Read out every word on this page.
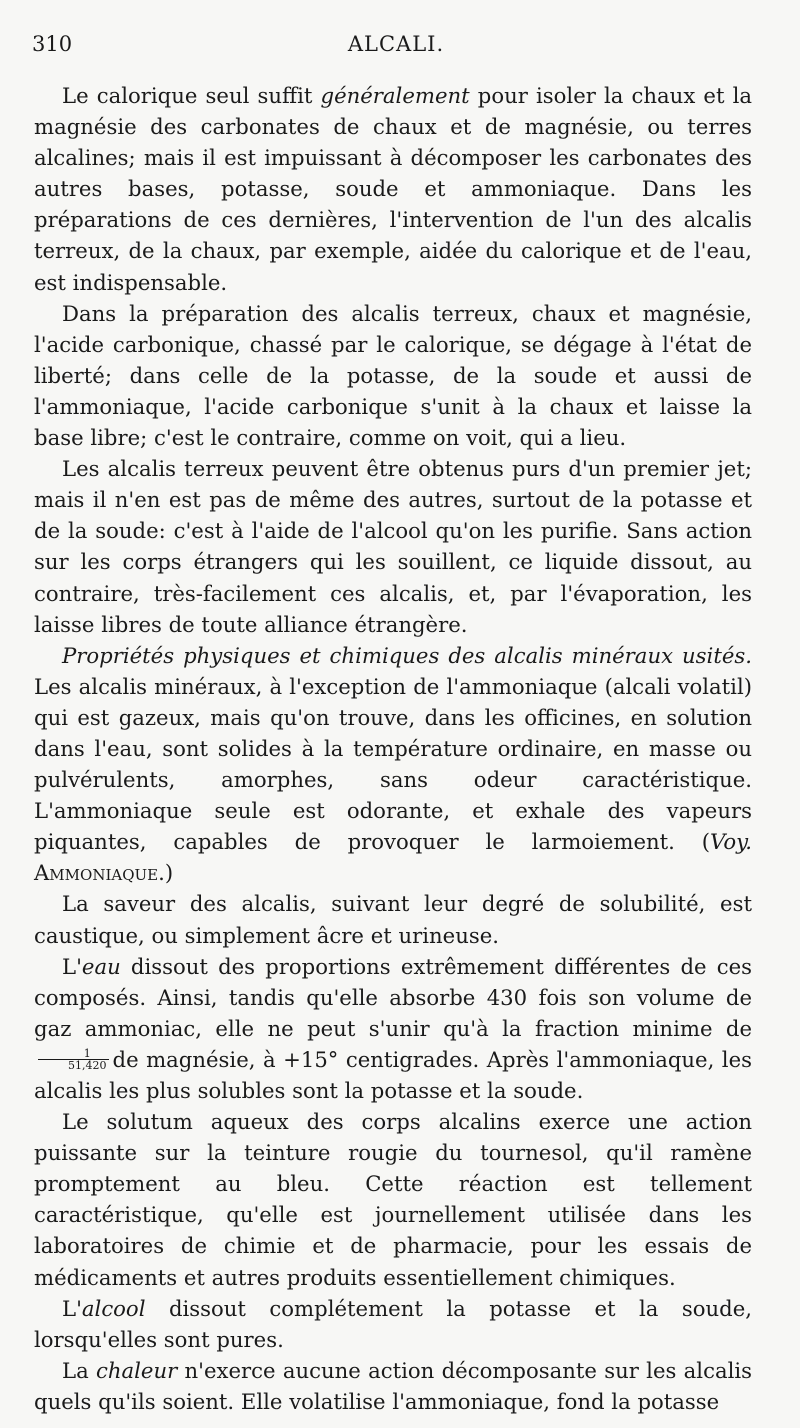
310	ALCALI.

Le calorique seul suffit généralement pour isoler la chaux et la magnésie des carbonates de chaux et de magnésie, ou terres alcalines; mais il est impuissant à décomposer les carbonates des autres bases, potasse, soude et ammoniaque. Dans les préparations de ces dernières, l'intervention de l'un des alcalis terreux, de la chaux, par exemple, aidée du calorique et de l'eau, est indispensable.

Dans la préparation des alcalis terreux, chaux et magnésie, l'acide carbonique, chassé par le calorique, se dégage à l'état de liberté; dans celle de la potasse, de la soude et aussi de l'ammoniaque, l'acide carbonique s'unit à la chaux et laisse la base libre; c'est le contraire, comme on voit, qui a lieu.

Les alcalis terreux peuvent être obtenus purs d'un premier jet; mais il n'en est pas de même des autres, surtout de la potasse et de la soude: c'est à l'aide de l'alcool qu'on les purifie. Sans action sur les corps étrangers qui les souillent, ce liquide dissout, au contraire, très-facilement ces alcalis, et, par l'évaporation, les laisse libres de toute alliance étrangère.

Propriétés physiques et chimiques des alcalis minéraux usités. Les alcalis minéraux, à l'exception de l'ammoniaque (alcali volatil) qui est gazeux, mais qu'on trouve, dans les officines, en solution dans l'eau, sont solides à la température ordinaire, en masse ou pulvérulents, amorphes, sans odeur caractéristique. L'ammoniaque seule est odorante, et exhale des vapeurs piquantes, capables de provoquer le larmoiement. (Voy. Ammoniaque.)

La saveur des alcalis, suivant leur degré de solubilité, est caustique, ou simplement âcre et urineuse.

L'eau dissout des proportions extrêmement différentes de ces composés. Ainsi, tandis qu'elle absorbe 430 fois son volume de gaz ammoniac, elle ne peut s'unir qu'à la fraction minime de
$\frac{1}{51,420}$ de magnésie, à +15° centigrades. Après l'ammoniaque, les alcalis les plus solubles sont la potasse et la soude.

Le solutum aqueux des corps alcalins exerce une action puissante sur la teinture rougie du tournesol, qu'il ramène promptement au bleu. Cette réaction est tellement caractéristique, qu'elle est journellement utilisée dans les laboratoires de chimie et de pharmacie, pour les essais de médicaments et autres produits essentiellement chimiques.

L'alcool dissout complétement la potasse et la soude, lorsqu'elles sont pures.

La chaleur n'exerce aucune action décomposante sur les alcalis quels qu'ils soient. Elle volatilise l'ammoniaque, fond la potasse
